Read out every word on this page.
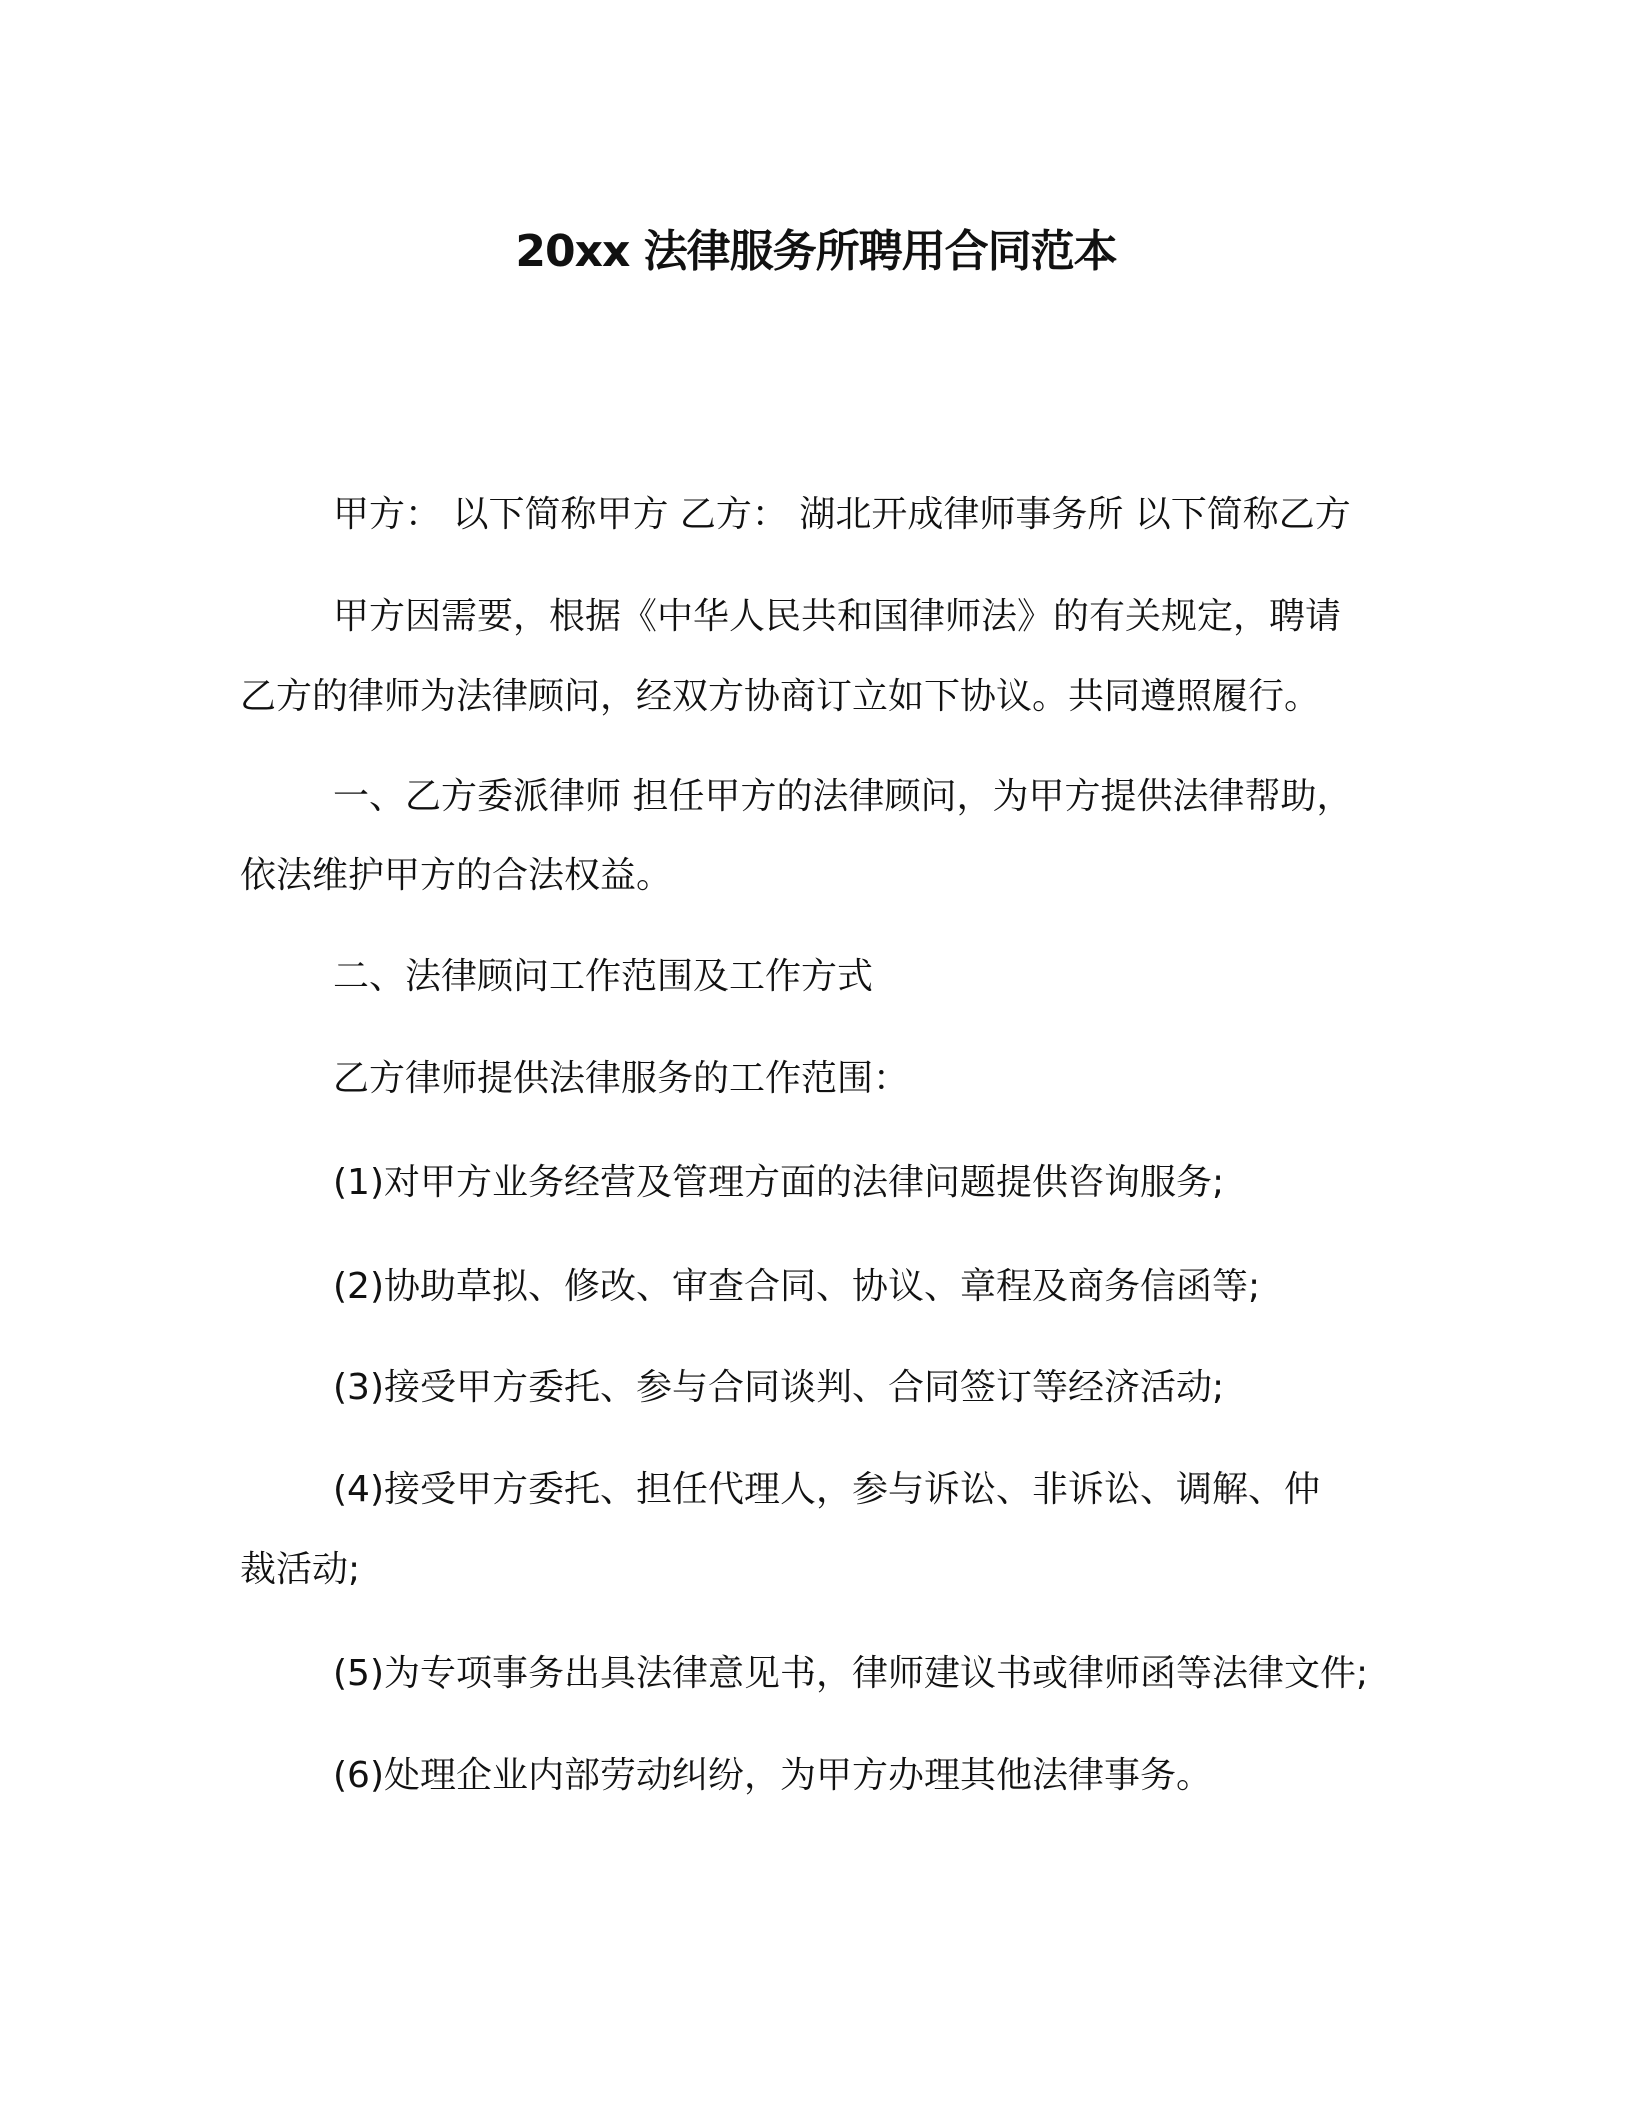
20xx 法律服务所聘用合同范本

甲方： 以下简称甲方 乙方： 湖北开成律师事务所 以下简称乙方

甲方因需要，根据《中华人民共和国律师法》的有关规定，聘请

乙方的律师为法律顾问，经双方协商订立如下协议。共同遵照履行。

一、乙方委派律师 担任甲方的法律顾问，为甲方提供法律帮助，

依法维护甲方的合法权益。

二、法律顾问工作范围及工作方式

乙方律师提供法律服务的工作范围：

(1)对甲方业务经营及管理方面的法律问题提供咨询服务;

(2)协助草拟、修改、审查合同、协议、章程及商务信函等;

(3)接受甲方委托、参与合同谈判、合同签订等经济活动;

(4)接受甲方委托、担任代理人，参与诉讼、非诉讼、调解、仲

裁活动;

(5)为专项事务出具法律意见书，律师建议书或律师函等法律文件;

(6)处理企业内部劳动纠纷，为甲方办理其他法律事务。
